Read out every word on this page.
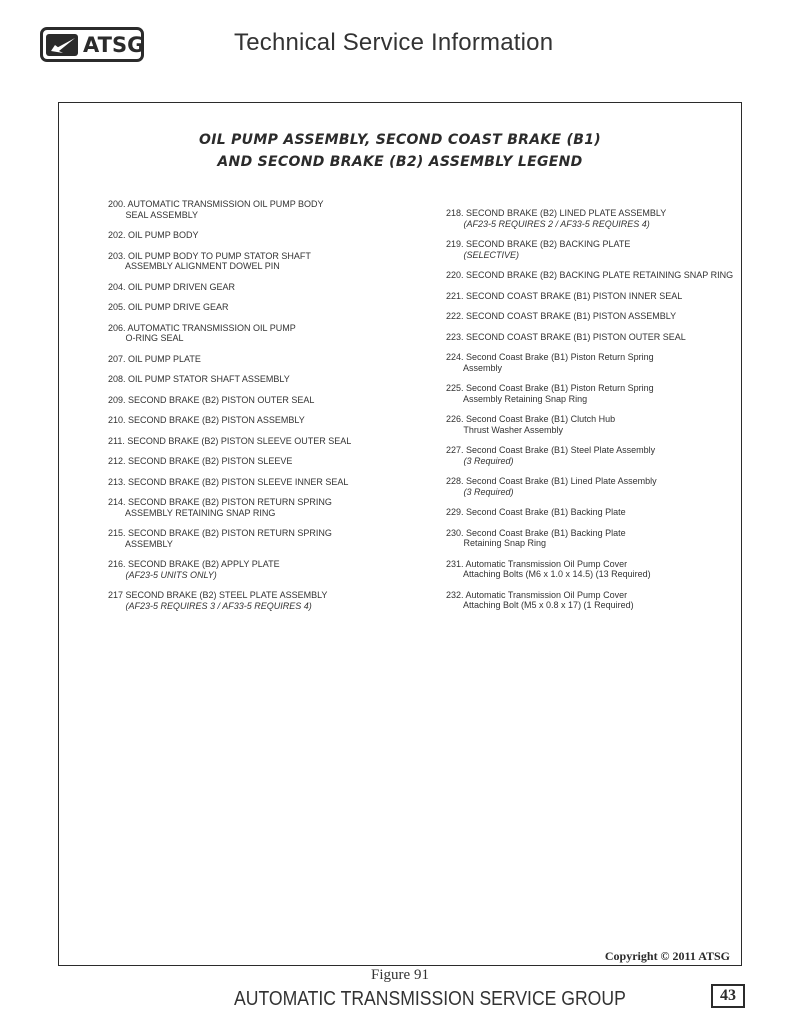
ATSG	Technical Service Information
OIL PUMP ASSEMBLY, SECOND COAST BRAKE (B1)
AND SECOND BRAKE (B2) ASSEMBLY LEGEND
200. AUTOMATIC TRANSMISSION OIL PUMP BODY
SEAL ASSEMBLY
202. OIL PUMP BODY
203. OIL PUMP BODY TO PUMP STATOR SHAFT
ASSEMBLY ALIGNMENT DOWEL PIN
204. OIL PUMP DRIVEN GEAR
205. OIL PUMP DRIVE GEAR
206. AUTOMATIC TRANSMISSION OIL PUMP
O-RING SEAL
207. OIL PUMP PLATE
208. OIL PUMP STATOR SHAFT ASSEMBLY
209. SECOND BRAKE (B2) PISTON OUTER SEAL
210. SECOND BRAKE (B2) PISTON ASSEMBLY
211. SECOND BRAKE (B2) PISTON SLEEVE OUTER SEAL
212. SECOND BRAKE (B2) PISTON SLEEVE
213. SECOND BRAKE (B2) PISTON SLEEVE INNER SEAL
214. SECOND BRAKE (B2) PISTON RETURN SPRING
ASSEMBLY RETAINING SNAP RING
215. SECOND BRAKE (B2) PISTON RETURN SPRING
ASSEMBLY
216. SECOND BRAKE (B2) APPLY PLATE
(AF23-5 UNITS ONLY)
217 SECOND BRAKE (B2) STEEL PLATE ASSEMBLY
(AF23-5 REQUIRES 3 / AF33-5 REQUIRES 4)
218. SECOND BRAKE (B2) LINED PLATE ASSEMBLY
(AF23-5 REQUIRES 2 / AF33-5 REQUIRES 4)
219. SECOND BRAKE (B2) BACKING PLATE
(SELECTIVE)
220. SECOND BRAKE (B2) BACKING PLATE RETAINING SNAP RING
221. SECOND COAST BRAKE (B1) PISTON INNER SEAL
222. SECOND COAST BRAKE (B1) PISTON ASSEMBLY
223. SECOND COAST BRAKE (B1) PISTON OUTER SEAL
224. Second Coast Brake (B1) Piston Return Spring
Assembly
225. Second Coast Brake (B1) Piston Return Spring
Assembly Retaining Snap Ring
226. Second Coast Brake (B1) Clutch Hub
Thrust Washer Assembly
227. Second Coast Brake (B1) Steel Plate Assembly
(3 Required)
228. Second Coast Brake (B1) Lined Plate Assembly
(3 Required)
229. Second Coast Brake (B1) Backing Plate
230. Second Coast Brake (B1) Backing Plate
Retaining Snap Ring
231. Automatic Transmission Oil Pump Cover
Attaching Bolts (M6 x 1.0 x 14.5) (13 Required)
232. Automatic Transmission Oil Pump Cover
Attaching Bolt (M5 x 0.8 x 17) (1 Required)
Copyright © 2011 ATSG
Figure 91
AUTOMATIC TRANSMISSION SERVICE GROUP	43
